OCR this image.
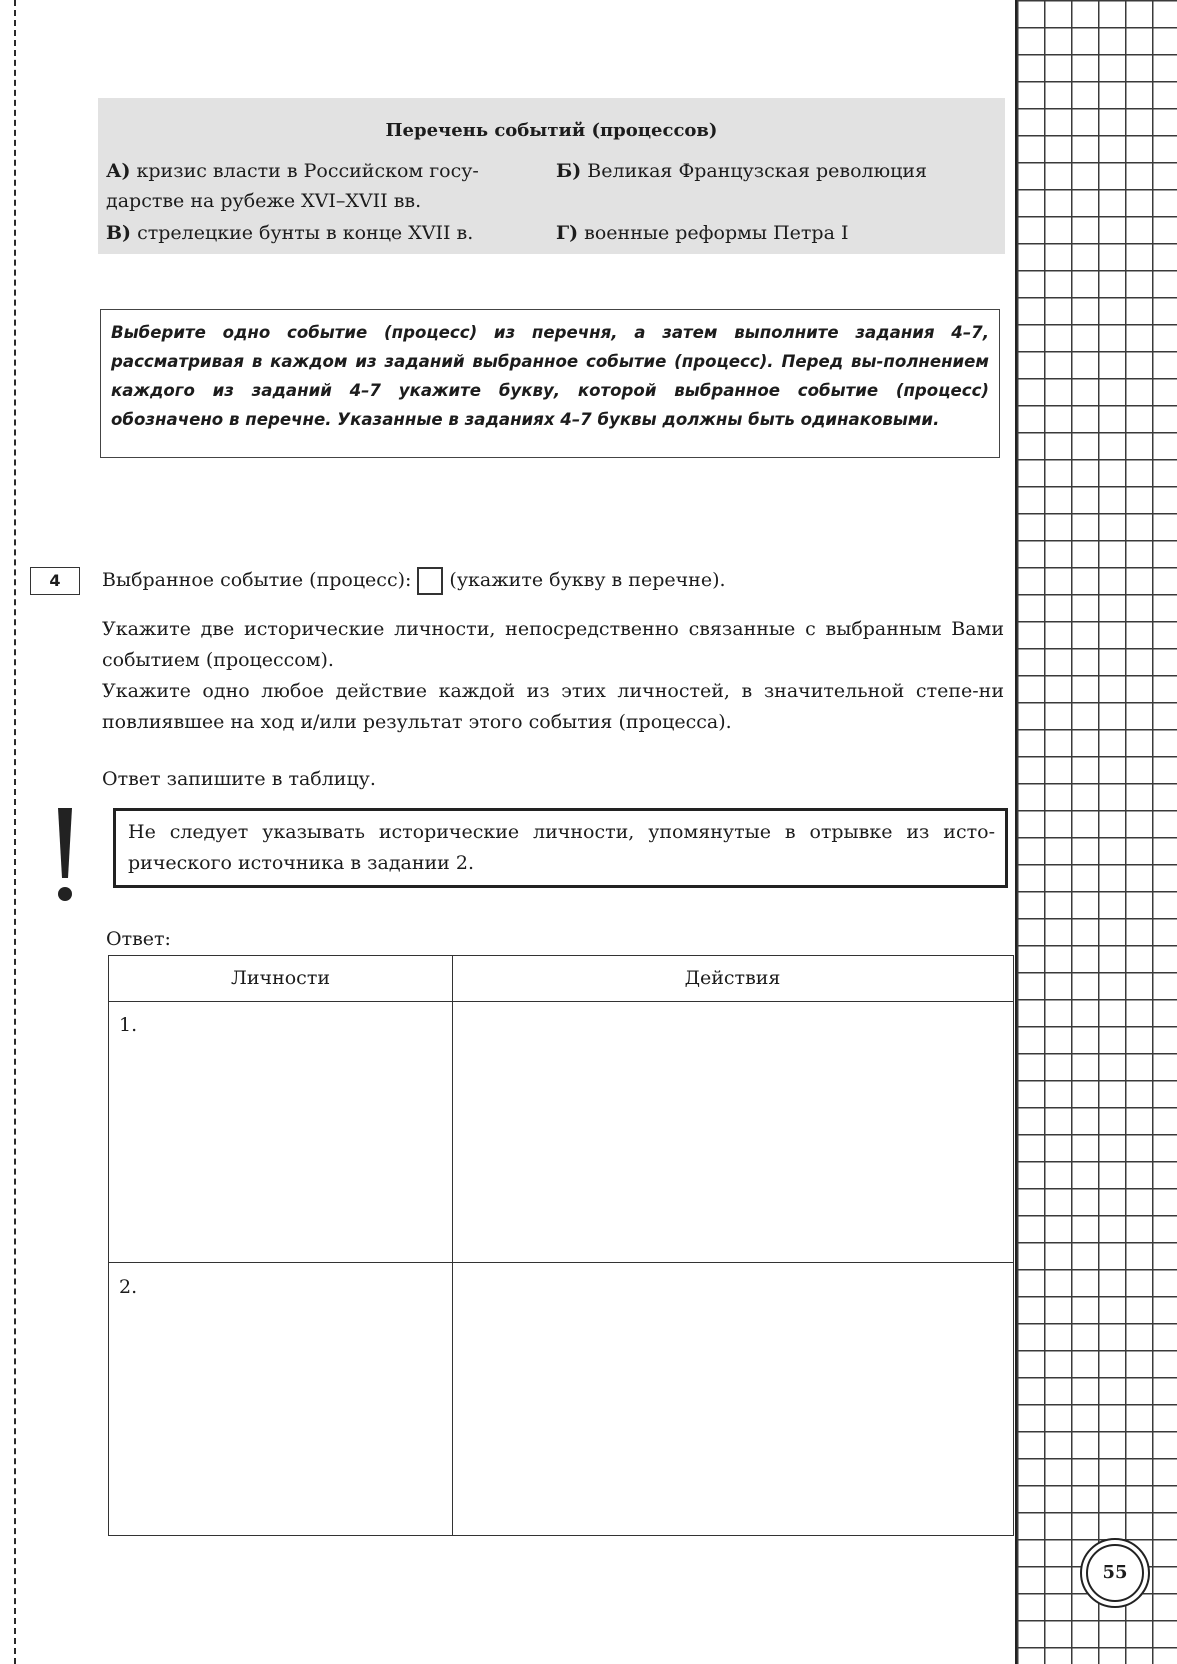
Перечень событий (процессов)
А) кризис власти в Российском госу-дарстве на рубеже XVI–XVII вв.
Б) Великая Французская революция
В) стрелецкие бунты в конце XVII в.	Г) военные реформы Петра I
Выберите одно событие (процесс) из перечня, а затем выполните задания 4–7, рассматривая в каждом из заданий выбранное событие (процесс). Перед вы-полнением каждого из заданий 4–7 укажите букву, которой выбранное событие (процесс) обозначено в перечне. Указанные в заданиях 4–7 буквы должны быть одинаковыми.
4	Выбранное событие (процесс): (укажите букву в перечне).

Укажите две исторические личности, непосредственно связанные с выбранным Вами событием (процессом).

Укажите одно любое действие каждой из этих личностей, в значительной степе-ни повлиявшее на ход и/или результат этого события (процесса).

Ответ запишите в таблицу.
Не следует указывать исторические личности, упомянутые в отрывке из исто-рического источника в задании 2.
Ответ:
Личности	Действия
1.
2.
55
